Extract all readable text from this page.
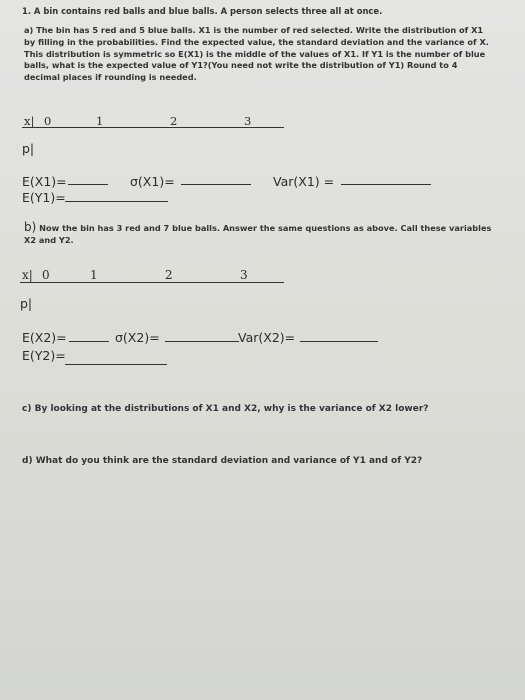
1. A bin contains red balls and blue balls. A person selects three all at once.
a) The bin has 5 red and 5 blue balls. X1 is the number of red selected. Write the distribution of X1 by filling in the probabilities. Find the expected value, the standard deviation and the variance of X. This distribution is symmetric so E(X1) is the middle of the values of X1. If Y1 is the number of blue balls, what is the expected value of Y1?(You need not write the distribution of Y1) Round to 4 decimal places if rounding is needed.
x| 0	1	2	3
p|
E(X1)=	σ(X1)=	Var(X1) =
E(Y1)=
b) Now the bin has 3 red and 7 blue balls. Answer the same questions as above. Call these variables X2 and Y2.
x| 0	1	2	3
p|
E(X2)=	σ(X2)=	Var(X2)=
E(Y2)=
c) By looking at the distributions of X1 and X2, why is the variance of X2 lower?
d) What do you think are the standard deviation and variance of Y1 and of Y2?
